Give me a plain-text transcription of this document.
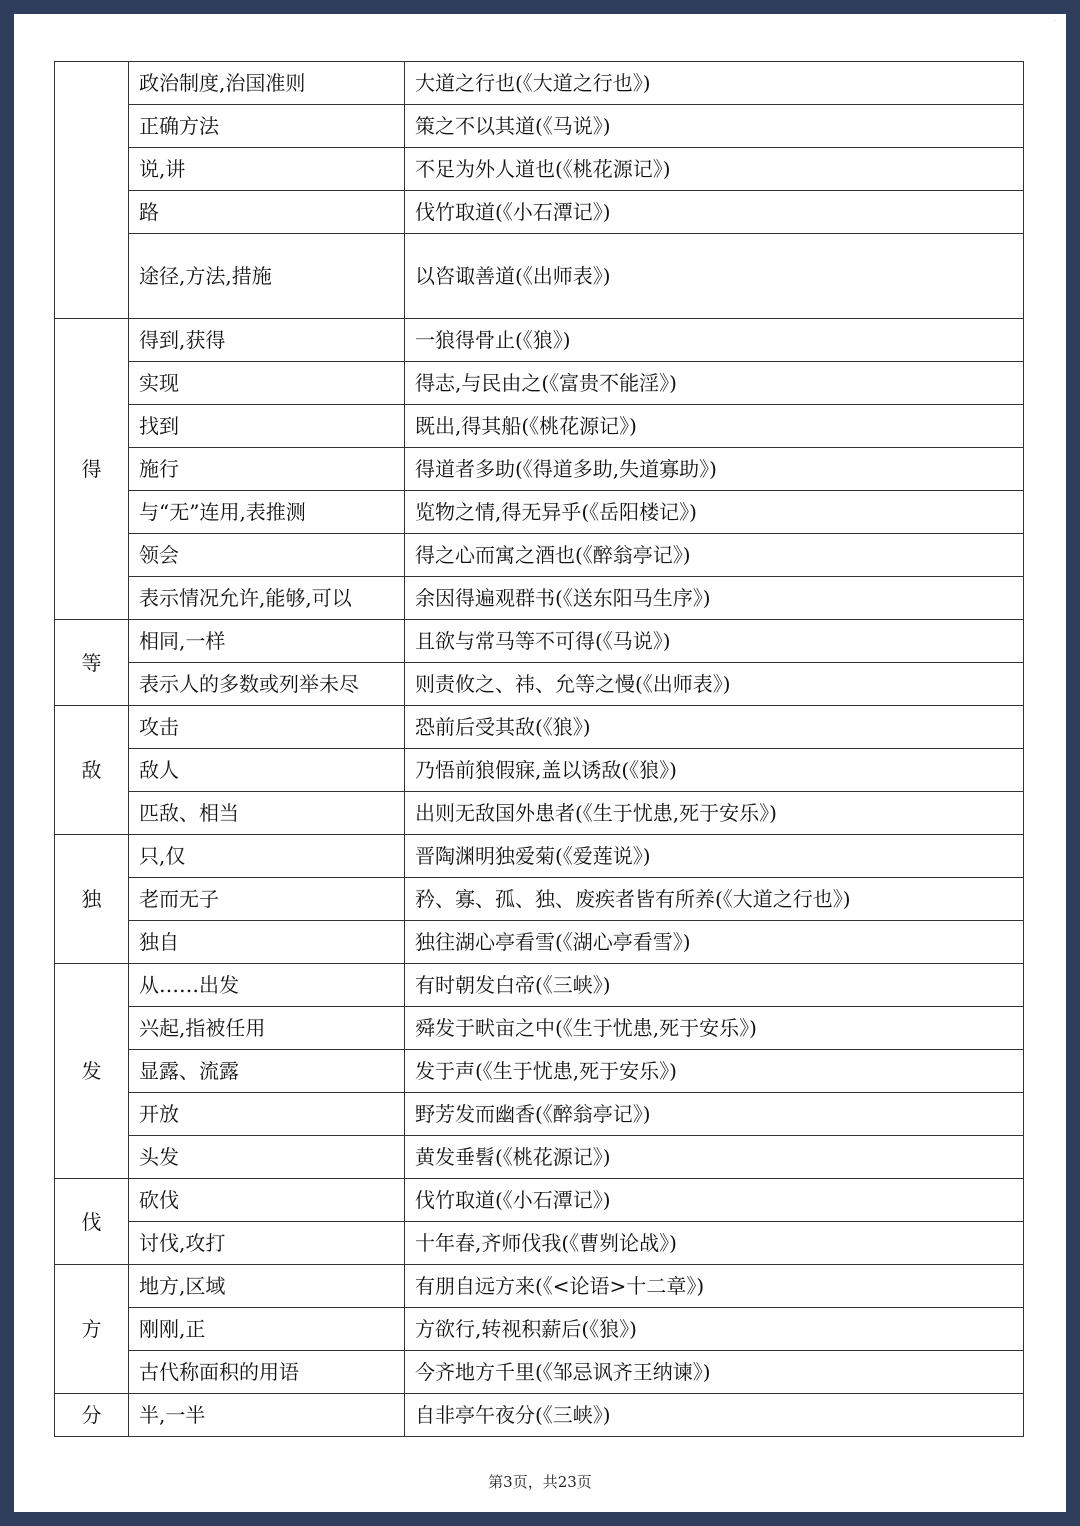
·
	政治制度,治国准则	大道之行也(《大道之行也》)
	正确方法	策之不以其道(《马说》)
	说,讲	不足为外人道也(《桃花源记》)
	路	伐竹取道(《小石潭记》)
	途径,方法,措施	以咨诹善道(《出师表》)
得	得到,获得	一狼得骨止(《狼》)
	实现	得志,与民由之(《富贵不能淫》)
	找到	既出,得其船(《桃花源记》)
	施行	得道者多助(《得道多助,失道寡助》)
	与“无”连用,表推测	览物之情,得无异乎(《岳阳楼记》)
	领会	得之心而寓之酒也(《醉翁亭记》)
	表示情况允许,能够,可以	余因得遍观群书(《送东阳马生序》)
等	相同,一样	且欲与常马等不可得(《马说》)
	表示人的多数或列举未尽	则责攸之、祎、允等之慢(《出师表》)
敌	攻击	恐前后受其敌(《狼》)
	敌人	乃悟前狼假寐,盖以诱敌(《狼》)
	匹敌、相当	出则无敌国外患者(《生于忧患,死于安乐》)
独	只,仅	晋陶渊明独爱菊(《爱莲说》)
	老而无子	矜、寡、孤、独、废疾者皆有所养(《大道之行也》)
	独自	独往湖心亭看雪(《湖心亭看雪》)
发	从……出发	有时朝发白帝(《三峡》)
	兴起,指被任用	舜发于畎亩之中(《生于忧患,死于安乐》)
	显露、流露	发于声(《生于忧患,死于安乐》)
	开放	野芳发而幽香(《醉翁亭记》)
	头发	黄发垂髫(《桃花源记》)
伐	砍伐	伐竹取道(《小石潭记》)
	讨伐,攻打	十年春,齐师伐我(《曹刿论战》)
方	地方,区域	有朋自远方来(《<论语>十二章》)
	刚刚,正	方欲行,转视积薪后(《狼》)
	古代称面积的用语	今齐地方千里(《邹忌讽齐王纳谏》)
分	半,一半	自非亭午夜分(《三峡》)
第3页，共23页
